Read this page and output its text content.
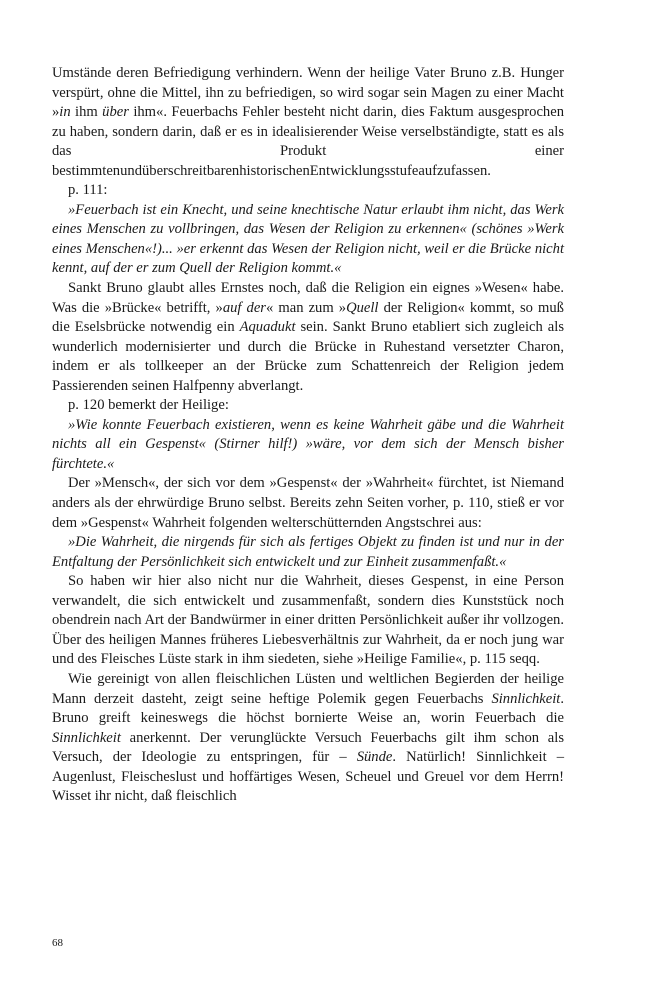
Umstände deren Befriedigung verhindern. Wenn der heilige Vater Bruno z.B. Hunger verspürt, ohne die Mittel, ihn zu befriedigen, so wird sogar sein Magen zu einer Macht »in ihm über ihm«. Feuerbachs Fehler besteht nicht darin, dies Faktum ausgesprochen zu haben, sondern darin, daß er es in idealisierender Weise verselbständigte, statt es als das Produkt einer bestimmtenundüberschreitbarenhistorischenEntwicklungsstufeaufzufassen.

p. 111:

»Feuerbach ist ein Knecht, und seine knechtische Natur erlaubt ihm nicht, das Werk eines Menschen zu vollbringen, das Wesen der Religion zu erkennen« (schönes »Werk eines Menschen«!)... »er erkennt das Wesen der Religion nicht, weil er die Brücke nicht kennt, auf der er zum Quell der Religion kommt.«

Sankt Bruno glaubt alles Ernstes noch, daß die Religion ein eignes »Wesen« habe. Was die »Brücke« betrifft, »auf der« man zum »Quell der Religion« kommt, so muß die Eselsbrücke notwendig ein Aquadukt sein. Sankt Bruno etabliert sich zugleich als wunderlich modernisierter und durch die Brücke in Ruhestand versetzter Charon, indem er als tollkeeper an der Brücke zum Schattenreich der Religion jedem Passierenden seinen Halfpenny abverlangt.

p. 120 bemerkt der Heilige:

»Wie konnte Feuerbach existieren, wenn es keine Wahrheit gäbe und die Wahrheit nichts all ein Gespenst« (Stirner hilf!) »wäre, vor dem sich der Mensch bisher fürchtete.«

Der »Mensch«, der sich vor dem »Gespenst« der »Wahrheit« fürchtet, ist Niemand anders als der ehrwürdige Bruno selbst. Bereits zehn Seiten vorher, p. 110, stieß er vor dem »Gespenst« Wahrheit folgenden welterschütternden Angstschrei aus:

»Die Wahrheit, die nirgends für sich als fertiges Objekt zu finden ist und nur in der Entfaltung der Persönlichkeit sich entwickelt und zur Einheit zusammenfaßt.«

So haben wir hier also nicht nur die Wahrheit, dieses Gespenst, in eine Person verwandelt, die sich entwickelt und zusammenfaßt, sondern dies Kunststück noch obendrein nach Art der Bandwürmer in einer dritten Persönlichkeit außer ihr vollzogen. Über des heiligen Mannes früheres Liebesverhältnis zur Wahrheit, da er noch jung war und des Fleisches Lüste stark in ihm siedeten, siehe »Heilige Familie«, p. 115 seqq.

Wie gereinigt von allen fleischlichen Lüsten und weltlichen Begierden der heilige Mann derzeit dasteht, zeigt seine heftige Polemik gegen Feuerbachs Sinnlichkeit. Bruno greift keineswegs die höchst bornierte Weise an, worin Feuerbach die Sinnlichkeit anerkennt. Der verunglückte Versuch Feuerbachs gilt ihm schon als Versuch, der Ideologie zu entspringen, für – Sünde. Natürlich! Sinnlichkeit – Augenlust, Fleischeslust und hoffärtiges Wesen, Scheuel und Greuel vor dem Herrn! Wisset ihr nicht, daß fleischlich

68
